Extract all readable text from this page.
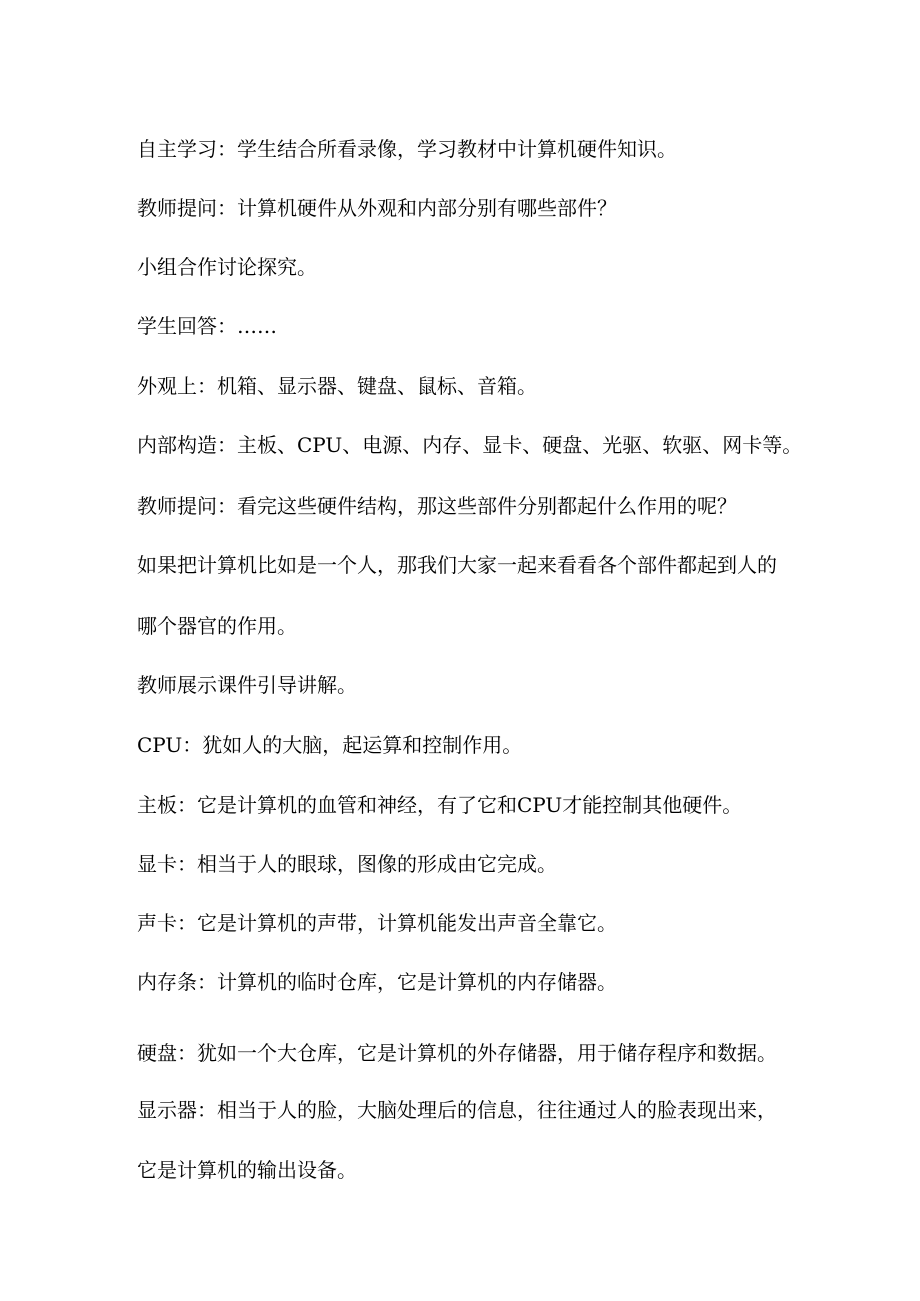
自主学习：学生结合所看录像，学习教材中计算机硬件知识。
教师提问：计算机硬件从外观和内部分别有哪些部件？
小组合作讨论探究。
学生回答：……
外观上：机箱、显示器、键盘、鼠标、音箱。
内部构造：主板、CPU、电源、内存、显卡、硬盘、光驱、软驱、网卡等。
教师提问：看完这些硬件结构，那这些部件分别都起什么作用的呢？
如果把计算机比如是一个人，那我们大家一起来看看各个部件都起到人的
哪个器官的作用。
教师展示课件引导讲解。
CPU：犹如人的大脑，起运算和控制作用。
主板：它是计算机的血管和神经，有了它和CPU才能控制其他硬件。
显卡：相当于人的眼球，图像的形成由它完成。
声卡：它是计算机的声带，计算机能发出声音全靠它。
内存条：计算机的临时仓库，它是计算机的内存储器。
硬盘：犹如一个大仓库，它是计算机的外存储器，用于储存程序和数据。
显示器：相当于人的脸，大脑处理后的信息，往往通过人的脸表现出来，
它是计算机的输出设备。
